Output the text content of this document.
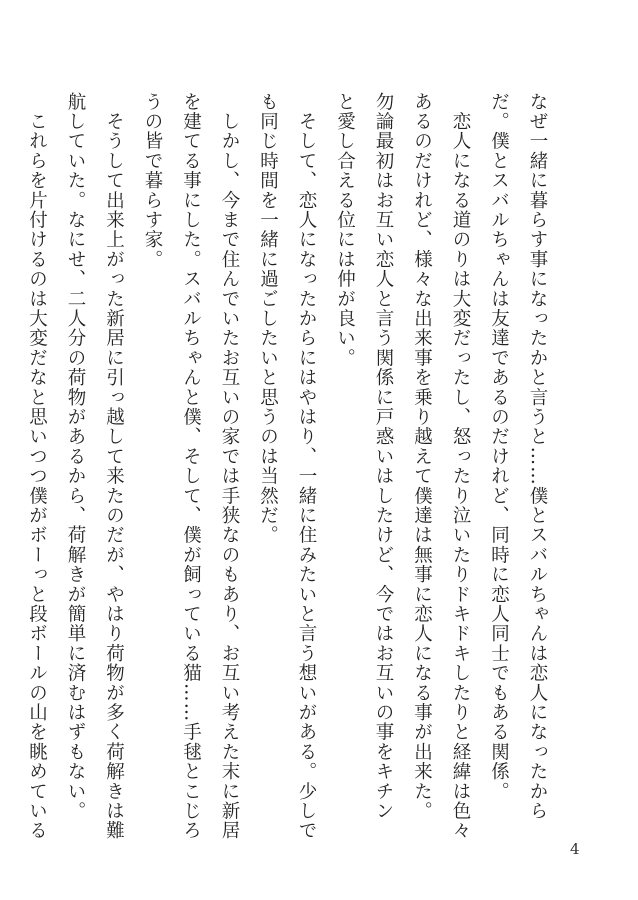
なぜ一緒に暮らす事になったかと言うと……僕とスバルちゃんは恋人になったから
だ。僕とスバルちゃんは友達であるのだけれど、同時に恋人同士でもある関係。
　恋人になる道のりは大変だったし、怒ったり泣いたりドキドキしたりと経緯は色々
あるのだけれど、様々な出来事を乗り越えて僕達は無事に恋人になる事が出来た。
勿論最初はお互い恋人と言う関係に戸惑いはしたけど、今ではお互いの事をキチン
と愛し合える位には仲が良い。
　そして、恋人になったからにはやはり、一緒に住みたいと言う想いがある。少しで
も同じ時間を一緒に過ごしたいと思うのは当然だ。
　しかし、今まで住んでいたお互いの家では手狭なのもあり、お互い考えた末に新居
を建てる事にした。スバルちゃんと僕、そして、僕が飼っている猫……手毬とこじろ
うの皆で暮らす家。
　そうして出来上がった新居に引っ越して来たのだが、やはり荷物が多く荷解きは難
航していた。なにせ、二人分の荷物があるから、荷解きが簡単に済むはずもない。
　これらを片付けるのは大変だなと思いつつ僕がボーっと段ボールの山を眺めている
4
